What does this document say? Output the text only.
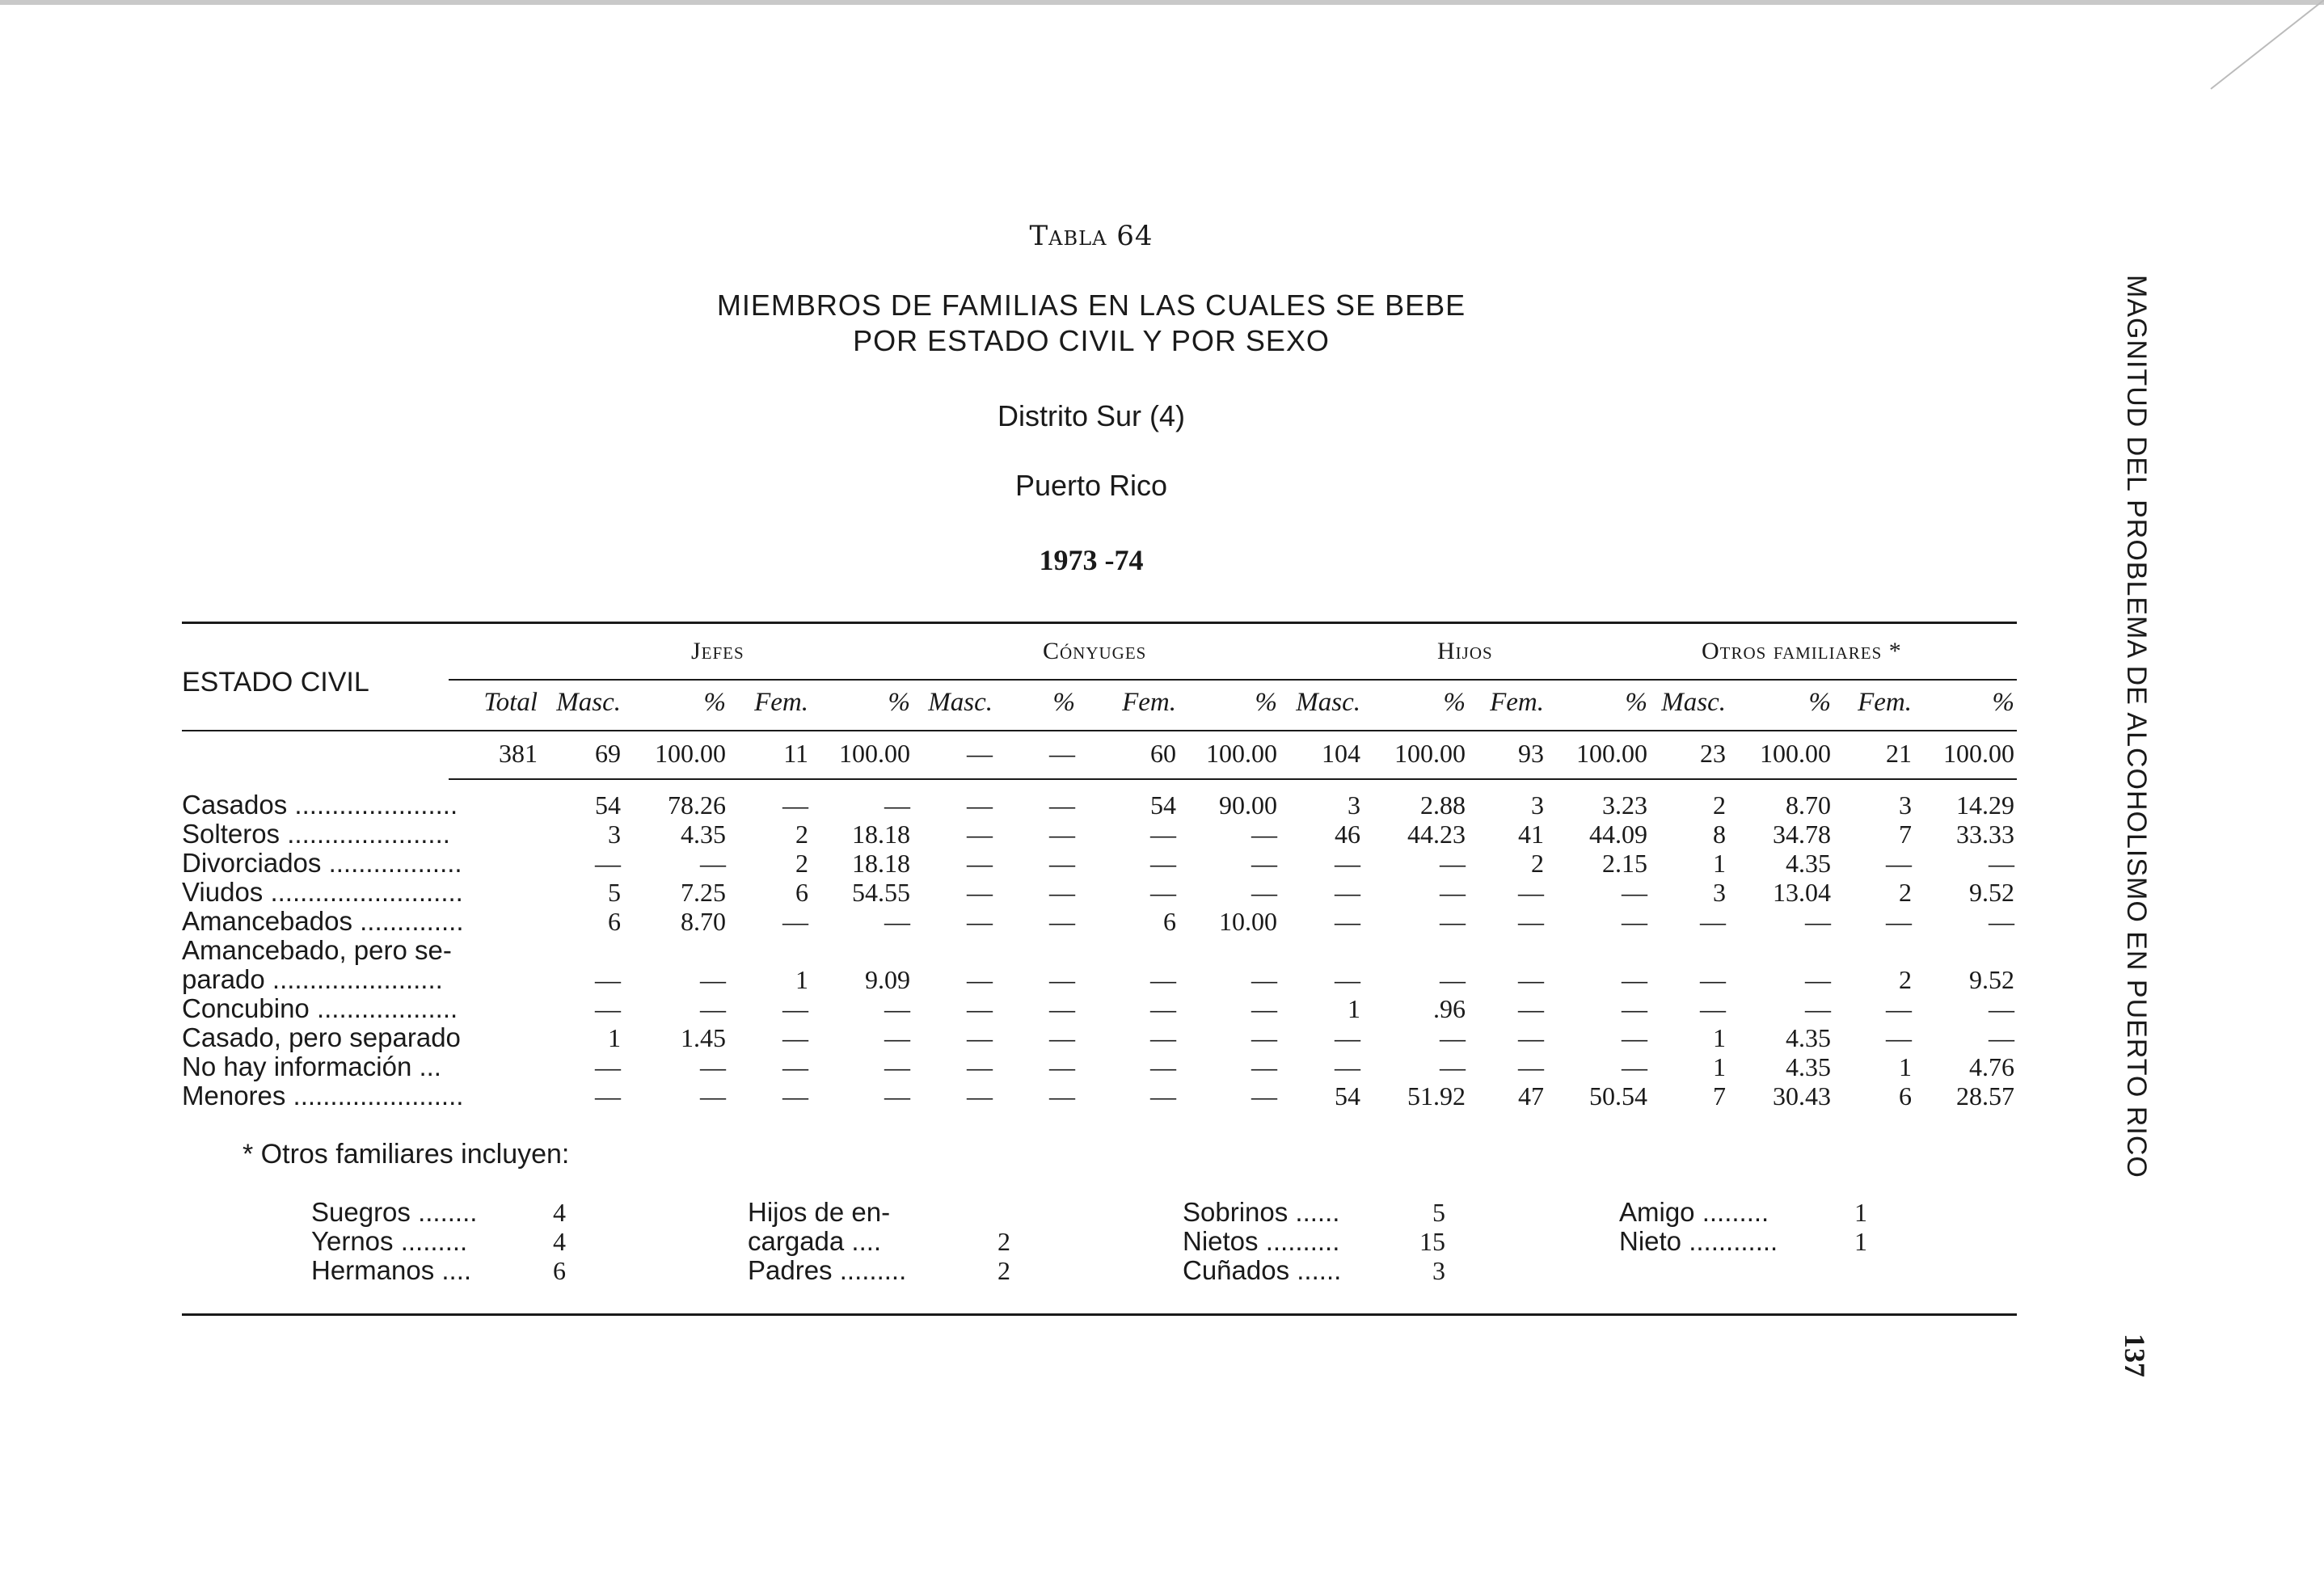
Tabla 64
MIEMBROS DE FAMILIAS EN LAS CUALES SE BEBE
POR ESTADO CIVIL Y POR SEXO
Distrito Sur (4)
Puerto Rico
1973 -74	MAGNITUD DEL PROBLEMA DE ALCOHOLISMO EN PUERTO RICO
137
ESTADO CIVIL
Jefes	Cónyuges	Hijos	Otros familiares *
Total Masc.	%	Fem.	% Masc.	%	Fem.	% Masc.	% Fem.	% Masc.	%	Fem.	%
381	69	100.00	11	100.00	—	—	60	100.00	104	100.00	93	100.00	23	100.00	21	100.00
Casados ......................	54	78.26	—	—	—	—	54	90.00	3	2.88	3	3.23	2	8.70	3	14.29
Solteros ......................	3	4.35	2	18.18	—	—	—	—	46	44.23	41	44.09	8	34.78	7	33.33
Divorciados ..................	—	—	2	18.18	—	—	—	—	—	—	2	2.15	1	4.35	—	—
Viudos ..........................	5	7.25	6	54.55	—	—	—	—	—	—	—	—	3	13.04	2	9.52
Amancebados ..............	6	8.70	—	—	—	—	6	10.00	—	—	—	—	—	—	—	—
Amancebado, pero se-
parado .......................	—	—	1	9.09	—	—	—	—	—	—	—	—	—	—	2	9.52
Concubino ...................	—	—	—	—	—	—	—	—	1	.96	—	—	—	—	—	—
Casado, pero separado	1	1.45	—	—	—	—	—	—	—	—	—	—	1	4.35	—	—
No hay información ...	—	—	—	—	—	—	—	—	—	—	—	—	1	4.35	1	4.76
Menores .......................	—	—	—	—	—	—	—	—	54	51.92	47	50.54	7	30.43	6	28.57
* Otros familiares incluyen:
Suegros ........	4
Yernos .........	4
Hermanos ....	6
Hijos de en-
cargada ....	2
Padres .........	2
Sobrinos ......	5
Nietos ..........	15
Cuñados ......	3
Amigo .........	1
Nieto ............	1
